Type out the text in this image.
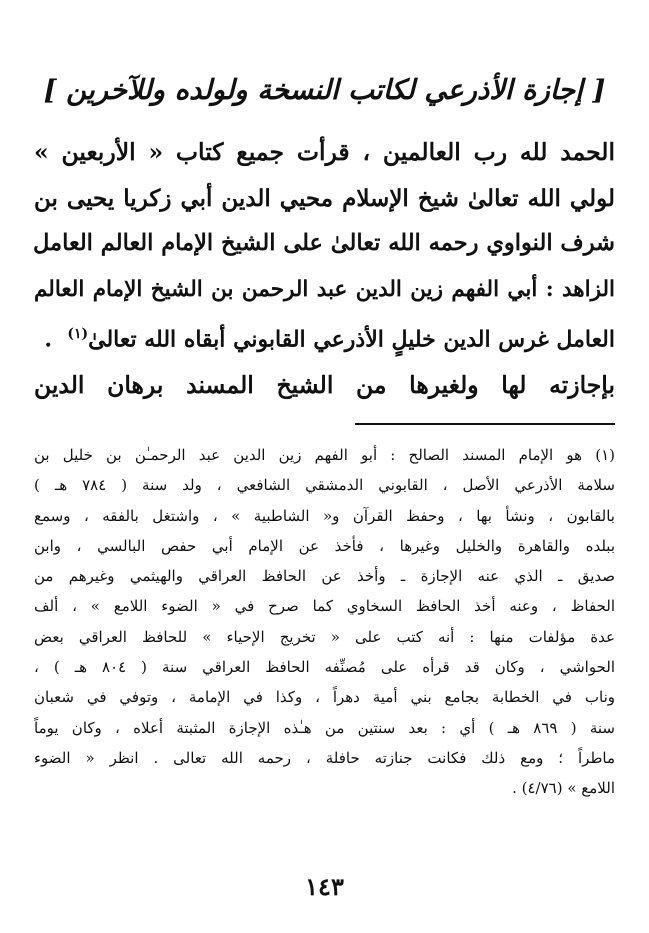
[ إجازة الأذرعي لكاتب النسخة ولولده وللآخرين ]
الحمد لله رب العالمين ، قرأت جميع كتاب « الأربعين »
لولي الله تعالىٰ شيخ الإسلام محيي الدين أبي زكريا يحيى بن
شرف النواوي رحمه الله تعالىٰ على الشيخ الإمام العالم العامل
الزاهد : أبي الفهم زين الدين عبد الرحمن بن الشيخ الإمام العالم
العامل غرس الدين خليلٍ الأذرعي القابوني أبقاه الله تعالىٰ$^{(١)}$  .
بإجازته لها ولغيرها من الشيخ المسند برهان الدين
(١) هو الإمام المسند الصالح : أبو الفهم زين الدين عبد الرحمـٰن بن خليل بن
سلامة الأذرعي الأصل ، القابوني الدمشقي الشافعي ، ولد سنة ( ٧٨٤ هـ )
بالقابون ، ونشأ بها ، وحفظ القرآن و« الشاطبية » ، واشتغل بالفقه ، وسمع
ببلده والقاهرة والخليل وغيرها ، فأخذ عن الإمام أبي حفص البالسي ، وابن
صديق ـ الذي عنه الإجازة ـ وأخذ عن الحافظ العراقي والهيثمي وغيرهم من
الحفاظ ، وعنه أخذ الحافظ السخاوي كما صرح في « الضوء اللامع » ، ألف
عدة مؤلفات منها : أنه كتب على « تخريج الإحياء » للحافظ العراقي بعض
الحواشي ، وكان قد قرأه على مُصنِّفه الحافظ العراقي سنة ( ٨٠٤ هـ ) ،
وناب في الخطابة بجامع بني أمية دهراً ، وكذا في الإمامة ، وتوفي في شعبان
سنة ( ٨٦٩ هـ ) أي : بعد سنتين من هـٰذه الإجازة المثبتة أعلاه ، وكان يوماً
ماطراً ؛ ومع ذلك فكانت جنازته حافلة ، رحمه الله تعالى . انظر « الضوء
اللامع » (٤/٧٦) .
١٤٣
